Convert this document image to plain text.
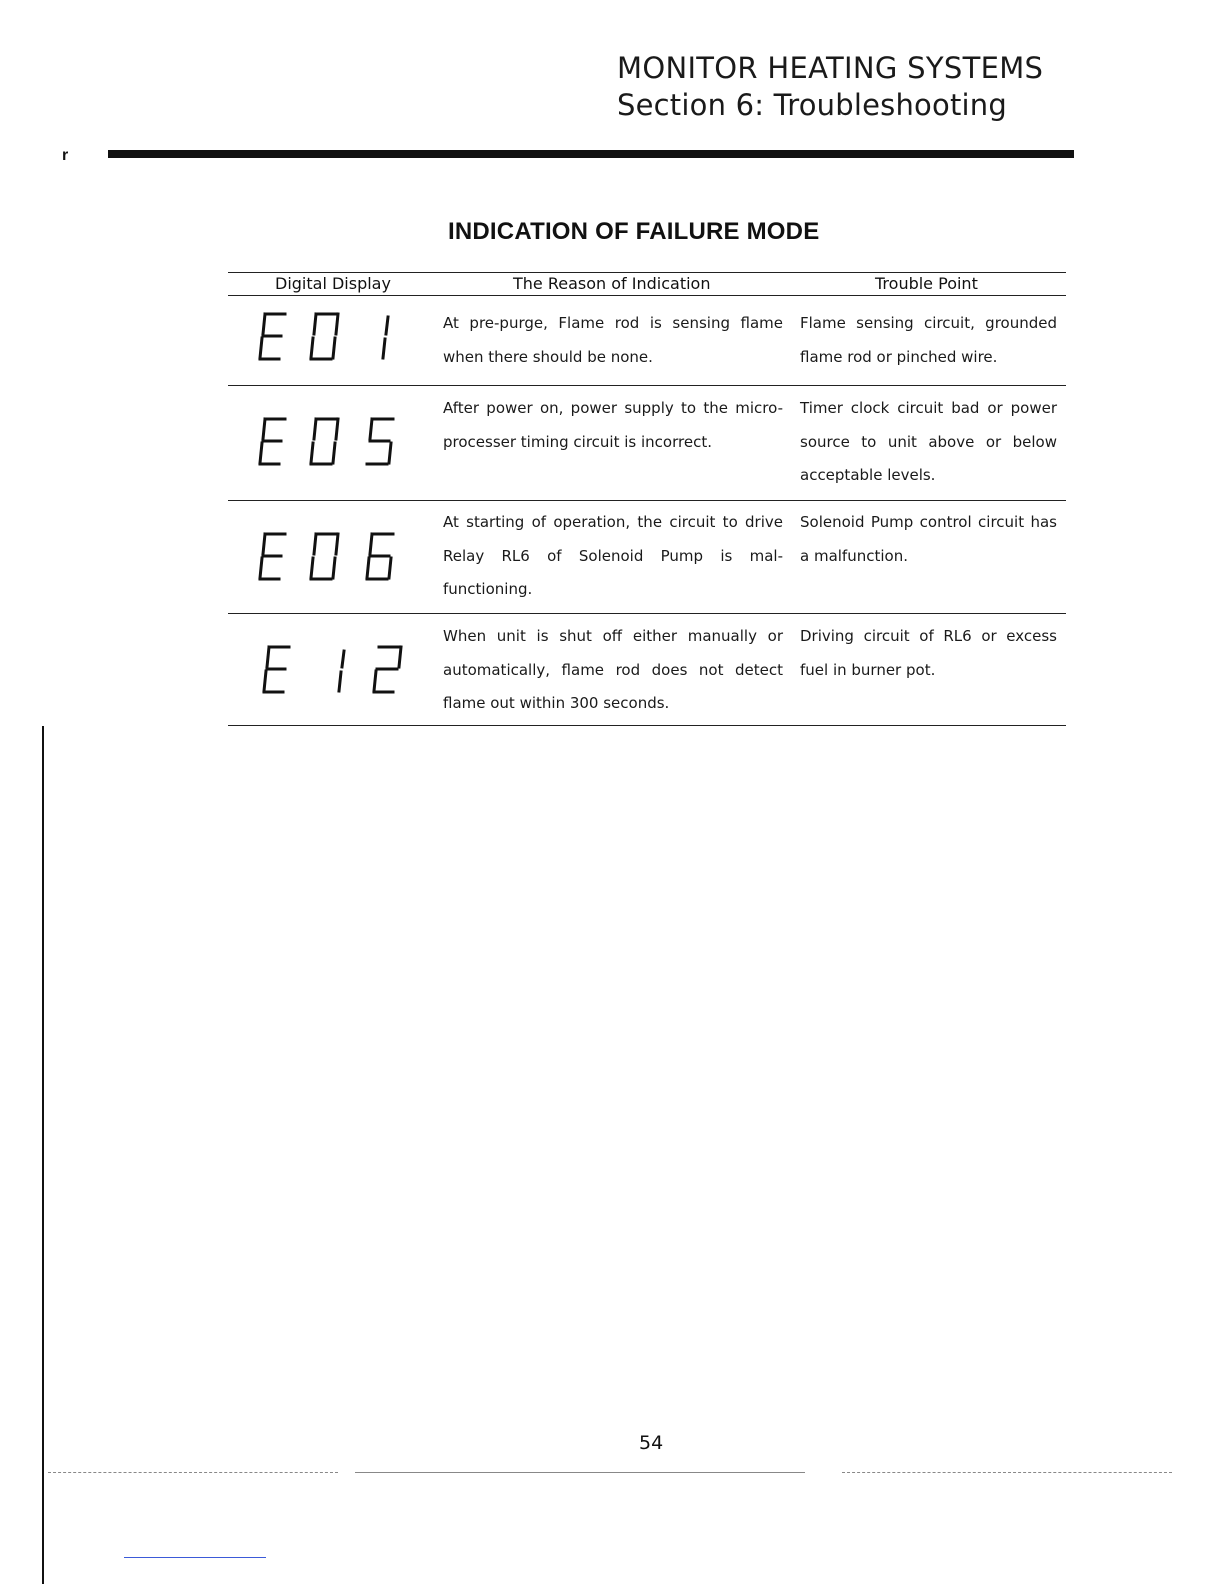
MONITOR HEATING SYSTEMS
Section 6: Troubleshooting
r
INDICATION OF FAILURE MODE
Digital Display	The Reason of Indication	Trouble Point
At pre-purge, Flame rod is sensing flame when there should be none.
Flame sensing circuit, grounded flame rod or pinched wire.
After power on, power supply to the micro-processer timing circuit is incorrect.
Timer clock circuit bad or power source to unit above or below acceptable levels.
At starting of operation, the circuit to drive Relay RL6 of Solenoid Pump is mal-functioning.
Solenoid Pump control circuit has a malfunction.
When unit is shut off either manually or automatically, flame rod does not detect flame out within 300 seconds.
Driving circuit of RL6 or excess fuel in burner pot.
54
